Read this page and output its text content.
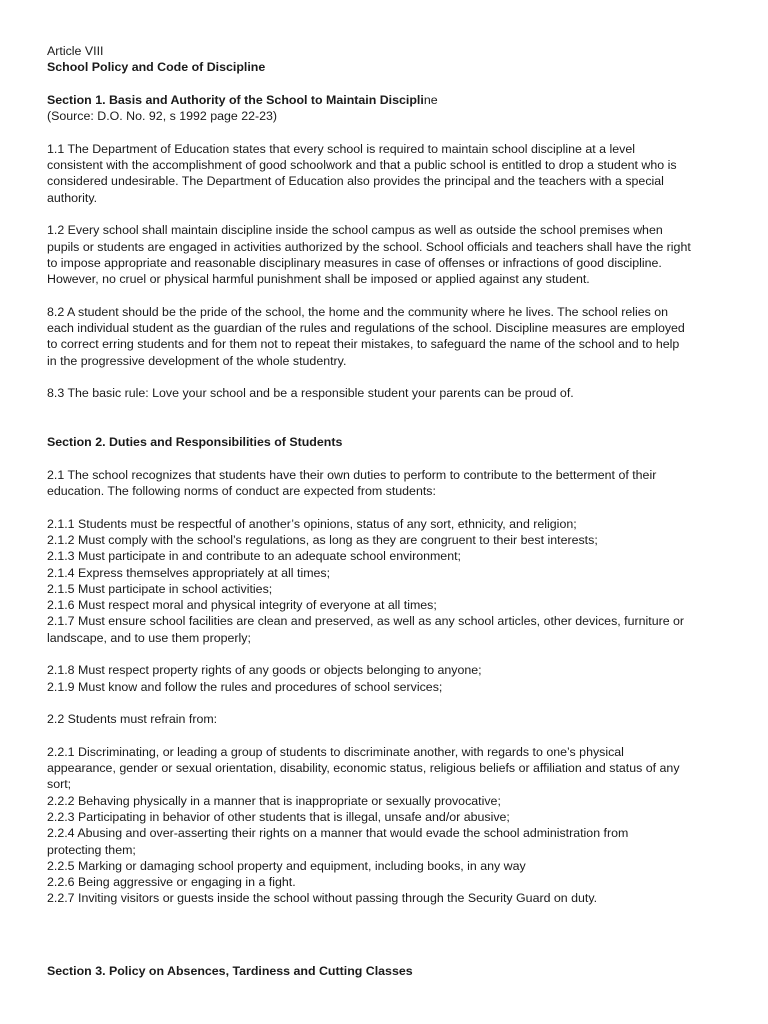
Article VIII
School Policy and Code of Discipline
Section 1. Basis and Authority of the School to Maintain Discipline
(Source: D.O. No. 92, s 1992 page 22-23)
1.1 The Department of Education states that every school is required to maintain school discipline at a level
consistent with the accomplishment of good schoolwork and that a public school is entitled to drop a student who is
considered undesirable. The Department of Education also provides the principal and the teachers with a special
authority.
1.2 Every school shall maintain discipline inside the school campus as well as outside the school premises when
pupils or students are engaged in activities authorized by the school. School officials and teachers shall have the right
to impose appropriate and reasonable disciplinary measures in case of offenses or infractions of good discipline.
However, no cruel or physical harmful punishment shall be imposed or applied against any student.
8.2 A student should be the pride of the school, the home and the community where he lives. The school relies on
each individual student as the guardian of the rules and regulations of the school. Discipline measures are employed
to correct erring students and for them not to repeat their mistakes, to safeguard the name of the school and to help
in the progressive development of the whole studentry.
8.3 The basic rule: Love your school and be a responsible student your parents can be proud of.
Section 2. Duties and Responsibilities of Students
2.1 The school recognizes that students have their own duties to perform to contribute to the betterment of their
education. The following norms of conduct are expected from students:
2.1.1 Students must be respectful of another’s opinions, status of any sort, ethnicity, and religion;
2.1.2 Must comply with the school’s regulations, as long as they are congruent to their best interests;
2.1.3 Must participate in and contribute to an adequate school environment;
2.1.4 Express themselves appropriately at all times;
2.1.5 Must participate in school activities;
2.1.6 Must respect moral and physical integrity of everyone at all times;
2.1.7 Must ensure school facilities are clean and preserved, as well as any school articles, other devices, furniture or
landscape, and to use them properly;
2.1.8 Must respect property rights of any goods or objects belonging to anyone;
2.1.9 Must know and follow the rules and procedures of school services;
2.2 Students must refrain from:
2.2.1 Discriminating, or leading a group of students to discriminate another, with regards to one’s physical
appearance, gender or sexual orientation, disability, economic status, religious beliefs or affiliation and status of any
sort;
2.2.2 Behaving physically in a manner that is inappropriate or sexually provocative;
2.2.3 Participating in behavior of other students that is illegal, unsafe and/or abusive;
2.2.4 Abusing and over-asserting their rights on a manner that would evade the school administration from
protecting them;
2.2.5 Marking or damaging school property and equipment, including books, in any way
2.2.6 Being aggressive or engaging in a fight.
2.2.7 Inviting visitors or guests inside the school without passing through the Security Guard on duty.
Section 3. Policy on Absences, Tardiness and Cutting Classes
